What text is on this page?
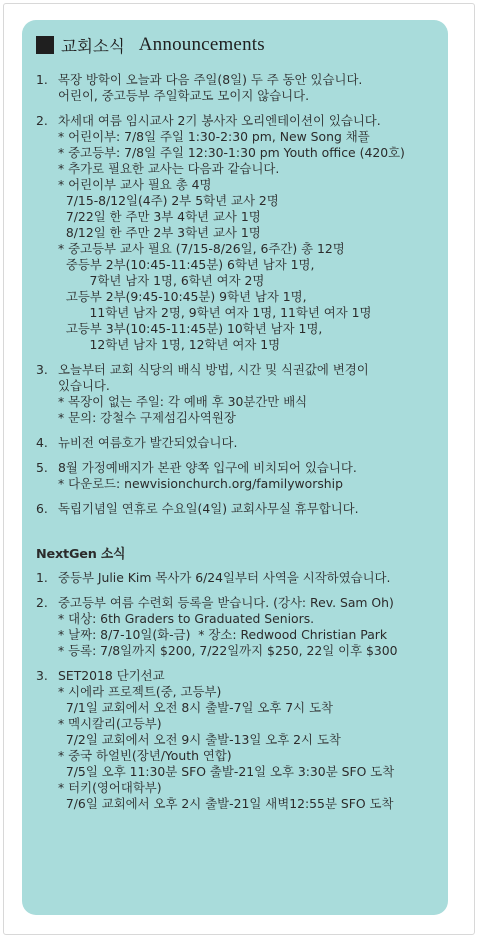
교회소식 Announcements
1. 목장 방학이 오늘과 다음 주일(8일) 두 주 동안 있습니다.
어린이, 중고등부 주일학교도 모이지 않습니다.
2. 차세대 여름 임시교사 2기 봉사자 오리엔테이션이 있습니다.
* 어린이부: 7/8일 주일 1:30-2:30 pm, New Song 채플
* 중고등부: 7/8일 주일 12:30-1:30 pm Youth office (420호)
* 추가로 필요한 교사는 다음과 같습니다.
* 어린이부 교사 필요 총 4명
7/15-8/12일(4주) 2부 5학년 교사 2명
7/22일 한 주만 3부 4학년 교사 1명
8/12일 한 주만 2부 3학년 교사 1명
* 중고등부 교사 필요 (7/15-8/26일, 6주간) 총 12명
중등부 2부(10:45-11:45분) 6학년 남자 1명,
7학년 남자 1명, 6학년 여자 2명
고등부 2부(9:45-10:45분) 9학년 남자 1명,
11학년 남자 2명, 9학년 여자 1명, 11학년 여자 1명
고등부 3부(10:45-11:45분) 10학년 남자 1명,
12학년 남자 1명, 12학년 여자 1명
3. 오늘부터 교회 식당의 배식 방법, 시간 및 식권값에 변경이
있습니다.
* 목장이 없는 주일: 각 예배 후 30분간만 배식
* 문의: 강철수 구제섬김사역원장
4. 뉴비전 여름호가 발간되었습니다.
5. 8월 가정예배지가 본관 양쪽 입구에 비치되어 있습니다.
* 다운로드: newvisionchurch.org/familyworship
6. 독립기념일 연휴로 수요일(4일) 교회사무실 휴무합니다.
NextGen 소식
1. 중등부 Julie Kim 목사가 6/24일부터 사역을 시작하였습니다.
2. 중고등부 여름 수련회 등록을 받습니다. (강사: Rev. Sam Oh)
* 대상: 6th Graders to Graduated Seniors.
* 날짜: 8/7-10일(화-금)  * 장소: Redwood Christian Park
* 등록: 7/8일까지 $200, 7/22일까지 $250, 22일 이후 $300
3. SET2018 단기선교
* 시에라 프로젝트(중, 고등부)
7/1일 교회에서 오전 8시 출발-7일 오후 7시 도착
* 멕시칼리(고등부)
7/2일 교회에서 오전 9시 출발-13일 오후 2시 도착
* 중국 하얼빈(장년/Youth 연합)
7/5일 오후 11:30분 SFO 출발-21일 오후 3:30분 SFO 도착
* 터키(영어대학부)
7/6일 교회에서 오후 2시 출발-21일 새벽12:55분 SFO 도착
